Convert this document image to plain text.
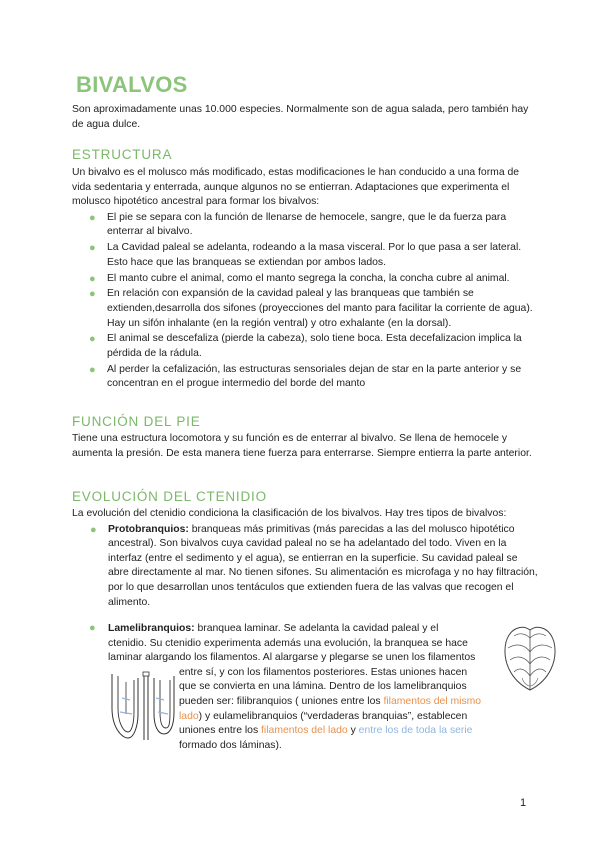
BIVALVOS

Son aproximadamente unas 10.000 especies. Normalmente son de agua salada, pero también hay de agua dulce.

ESTRUCTURA

Un bivalvo es el molusco más modificado, estas modificaciones le han conducido a una forma de vida sedentaria y enterrada, aunque algunos no se entierran. Adaptaciones que experimenta el molusco hipotético ancestral para formar los bivalvos:

● El pie se separa con la función de llenarse de hemocele, sangre, que le da fuerza para enterrar al bivalvo.
● La Cavidad paleal se adelanta, rodeando a la masa visceral. Por lo que pasa a ser lateral. Esto hace que las branqueas se extiendan por ambos lados.
● El manto cubre el animal, como el manto segrega la concha, la concha cubre al animal.
● En relación con expansión de la cavidad paleal y las branqueas que también se extienden,desarrolla dos sifones (proyecciones del manto para facilitar la corriente de agua). Hay un sifón inhalante (en la región ventral) y otro exhalante (en la dorsal).
● El animal se descefaliza (pierde la cabeza), solo tiene boca. Esta decefalizacion implica la pérdida de la rádula.
● Al perder la cefalización, las estructuras sensoriales dejan de star en la parte anterior y se concentran en el progue intermedio del borde del manto
FUNCIÓN DEL PIE

Tiene una estructura locomotora y su función es de enterrar al bivalvo. Se llena de hemocele y aumenta la presión. De esta manera tiene fuerza para enterrarse. Siempre entierra la parte anterior.

EVOLUCIÓN DEL CTENIDIO

La evolución del ctenidio condiciona la clasificación de los bivalvos. Hay tres tipos de bivalvos:

● Protobranquios: branqueas más primitivas (más parecidas a las del molusco hipotético ancestral). Son bivalvos cuya cavidad paleal no se ha adelantado del todo. Viven en la interfaz (entre el sedimento y el agua), se entierran en la superficie. Su cavidad paleal se abre directamente al mar. No tienen sifones. Su alimentación es microfaga y no hay filtración, por lo que desarrollan unos tentáculos que extienden fuera de las valvas que recogen el alimento.
●	Lamelibranquios: branquea laminar. Se adelanta la cavidad paleal y el

ctenidio. Su ctenidio experimenta además una evolución, la branquea se hace

laminar alargando los filamentos. Al alargarse y plegarse se unen los filamentos

entre sí, y con los filamentos posteriores. Estas uniones hacen

que se convierta en una lámina. Dentro de los lamelibranquios

pueden ser: filibranquios ( uniones entre los filamentos del mismo

lado) y eulamelibranquios (“verdaderas branquias”, establecen

uniones entre los filamentos del lado y entre los de toda la serie

formado dos láminas).

1
